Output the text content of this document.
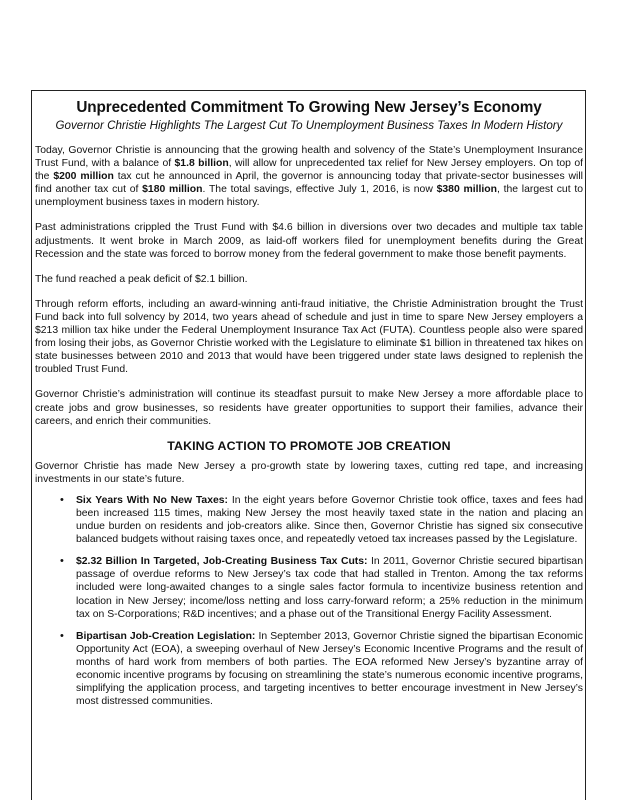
Unprecedented Commitment To Growing New Jersey’s Economy
Governor Christie Highlights The Largest Cut To Unemployment Business Taxes In Modern History

Today, Governor Christie is announcing that the growing health and solvency of the State’s Unemployment Insurance Trust Fund, with a balance of $1.8 billion, will allow for unprecedented tax relief for New Jersey employers. On top of the $200 million tax cut he announced in April, the governor is announcing today that private-sector businesses will find another tax cut of $180 million. The total savings, effective July 1, 2016, is now $380 million, the largest cut to unemployment business taxes in modern history.

Past administrations crippled the Trust Fund with $4.6 billion in diversions over two decades and multiple tax table adjustments. It went broke in March 2009, as laid-off workers filed for unemployment benefits during the Great Recession and the state was forced to borrow money from the federal government to make those benefit payments.

The fund reached a peak deficit of $2.1 billion.

Through reform efforts, including an award-winning anti-fraud initiative, the Christie Administration brought the Trust Fund back into full solvency by 2014, two years ahead of schedule and just in time to spare New Jersey employers a $213 million tax hike under the Federal Unemployment Insurance Tax Act (FUTA). Countless people also were spared from losing their jobs, as Governor Christie worked with the Legislature to eliminate $1 billion in threatened tax hikes on state businesses between 2010 and 2013 that would have been triggered under state laws designed to replenish the troubled Trust Fund.

Governor Christie’s administration will continue its steadfast pursuit to make New Jersey a more affordable place to create jobs and grow businesses, so residents have greater opportunities to support their families, advance their careers, and enrich their communities.

TAKING ACTION TO PROMOTE JOB CREATION

Governor Christie has made New Jersey a pro-growth state by lowering taxes, cutting red tape, and increasing investments in our state’s future.

• Six Years With No New Taxes: In the eight years before Governor Christie took office, taxes and fees had been increased 115 times, making New Jersey the most heavily taxed state in the nation and placing an undue burden on residents and job-creators alike. Since then, Governor Christie has signed six consecutive balanced budgets without raising taxes once, and repeatedly vetoed tax increases passed by the Legislature.

• $2.32 Billion In Targeted, Job-Creating Business Tax Cuts: In 2011, Governor Christie secured bipartisan passage of overdue reforms to New Jersey’s tax code that had stalled in Trenton. Among the tax reforms included were long-awaited changes to a single sales factor formula to incentivize business retention and location in New Jersey; income/loss netting and loss carry-forward reform; a 25% reduction in the minimum tax on S-Corporations; R&D incentives; and a phase out of the Transitional Energy Facility Assessment.

• Bipartisan Job-Creation Legislation: In September 2013, Governor Christie signed the bipartisan Economic Opportunity Act (EOA), a sweeping overhaul of New Jersey’s Economic Incentive Programs and the result of months of hard work from members of both parties. The EOA reformed New Jersey’s byzantine array of economic incentive programs by focusing on streamlining the state’s numerous economic incentive programs, simplifying the application process, and targeting incentives to better encourage investment in New Jersey’s most distressed communities.
